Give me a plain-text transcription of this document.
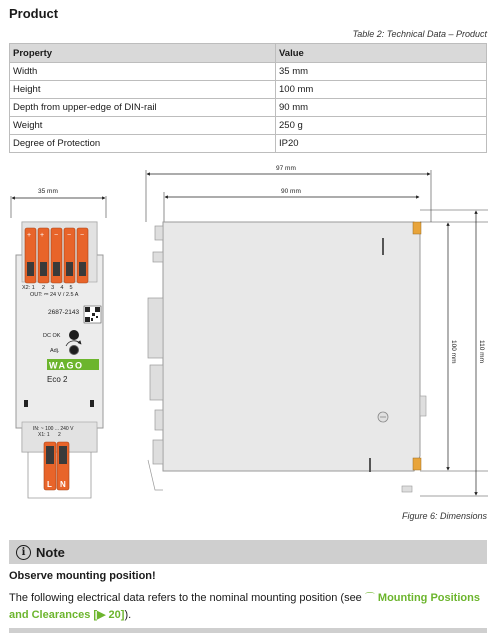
Product
Table 2: Technical Data – Product
Property	Value
Width	35 mm
Height	100 mm
Depth from upper-edge of DIN-rail	90 mm
Weight	250 g
Degree of Protection	IP20
35 mm
+ + − − −
X2: 1 2    3    4    5
OUT: ⎓ 24 V / 2.5 A
2687-2143
DC OK
Adj.
WAGO
Eco 2
IN: ~ 100 ... 240 V
X1: 1      2
L N
97 mm
90 mm
100 mm	110 mm
Figure 6: Dimensions
i Note
Observe mounting position!
The following electrical data refers to the nominal mounting position (see ⌒ Mounting Positions and Clearances [▶ 20]).
